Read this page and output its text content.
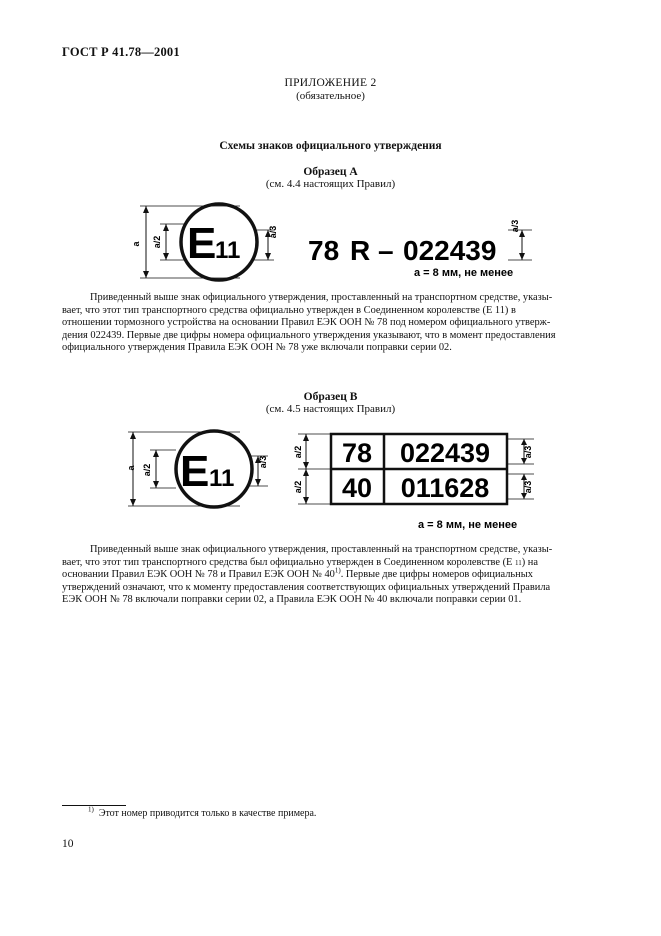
ГОСТ Р 41.78—2001
ПРИЛОЖЕНИЕ 2
(обязательное)
Схемы знаков официального утверждения
Образец А
(см. 4.4 настоящих Правил)
a a/2 E
11
a/3
78 R – 022439
a/3
a = 8 мм, не менее

Приведенный выше знак официального утверждения, проставленный на транспортном средстве, указы-

вает, что этот тип транспортного средства официально утвержден в Соединенном королевстве (Е 11) в

отношении тормозного устройства на основании Правил ЕЭК ООН № 78 под номером официального утверж-

дения 022439. Первые две цифры номера официального утверждения указывают, что в момент предоставления

официального утверждения Правила ЕЭК ООН № 78 уже включали поправки серии 02.

Образец В
(см. 4.5 настоящих Правил)
a a/2 E 11
a/3
a/2
a/2
78 022439
40 011628
a/3
a/3
a = 8 мм, не менее

Приведенный выше знак официального утверждения, проставленный на транспортном средстве, указы-

вает, что этот тип транспортного средства был официально утвержден в Соединенном королевстве (Е 11) на

основании Правил ЕЭК ООН № 78 и Правил ЕЭК ООН № 40$^{1)}$. Первые две цифры номеров официальных

утверждений означают, что к моменту предоставления соответствующих официальных утверждений Правила

ЕЭК ООН № 78 включали поправки серии 02, а Правила ЕЭК ООН № 40 включали поправки серии 01.

$^{1)}$ Этот номер приводится только в качестве примера.
10
